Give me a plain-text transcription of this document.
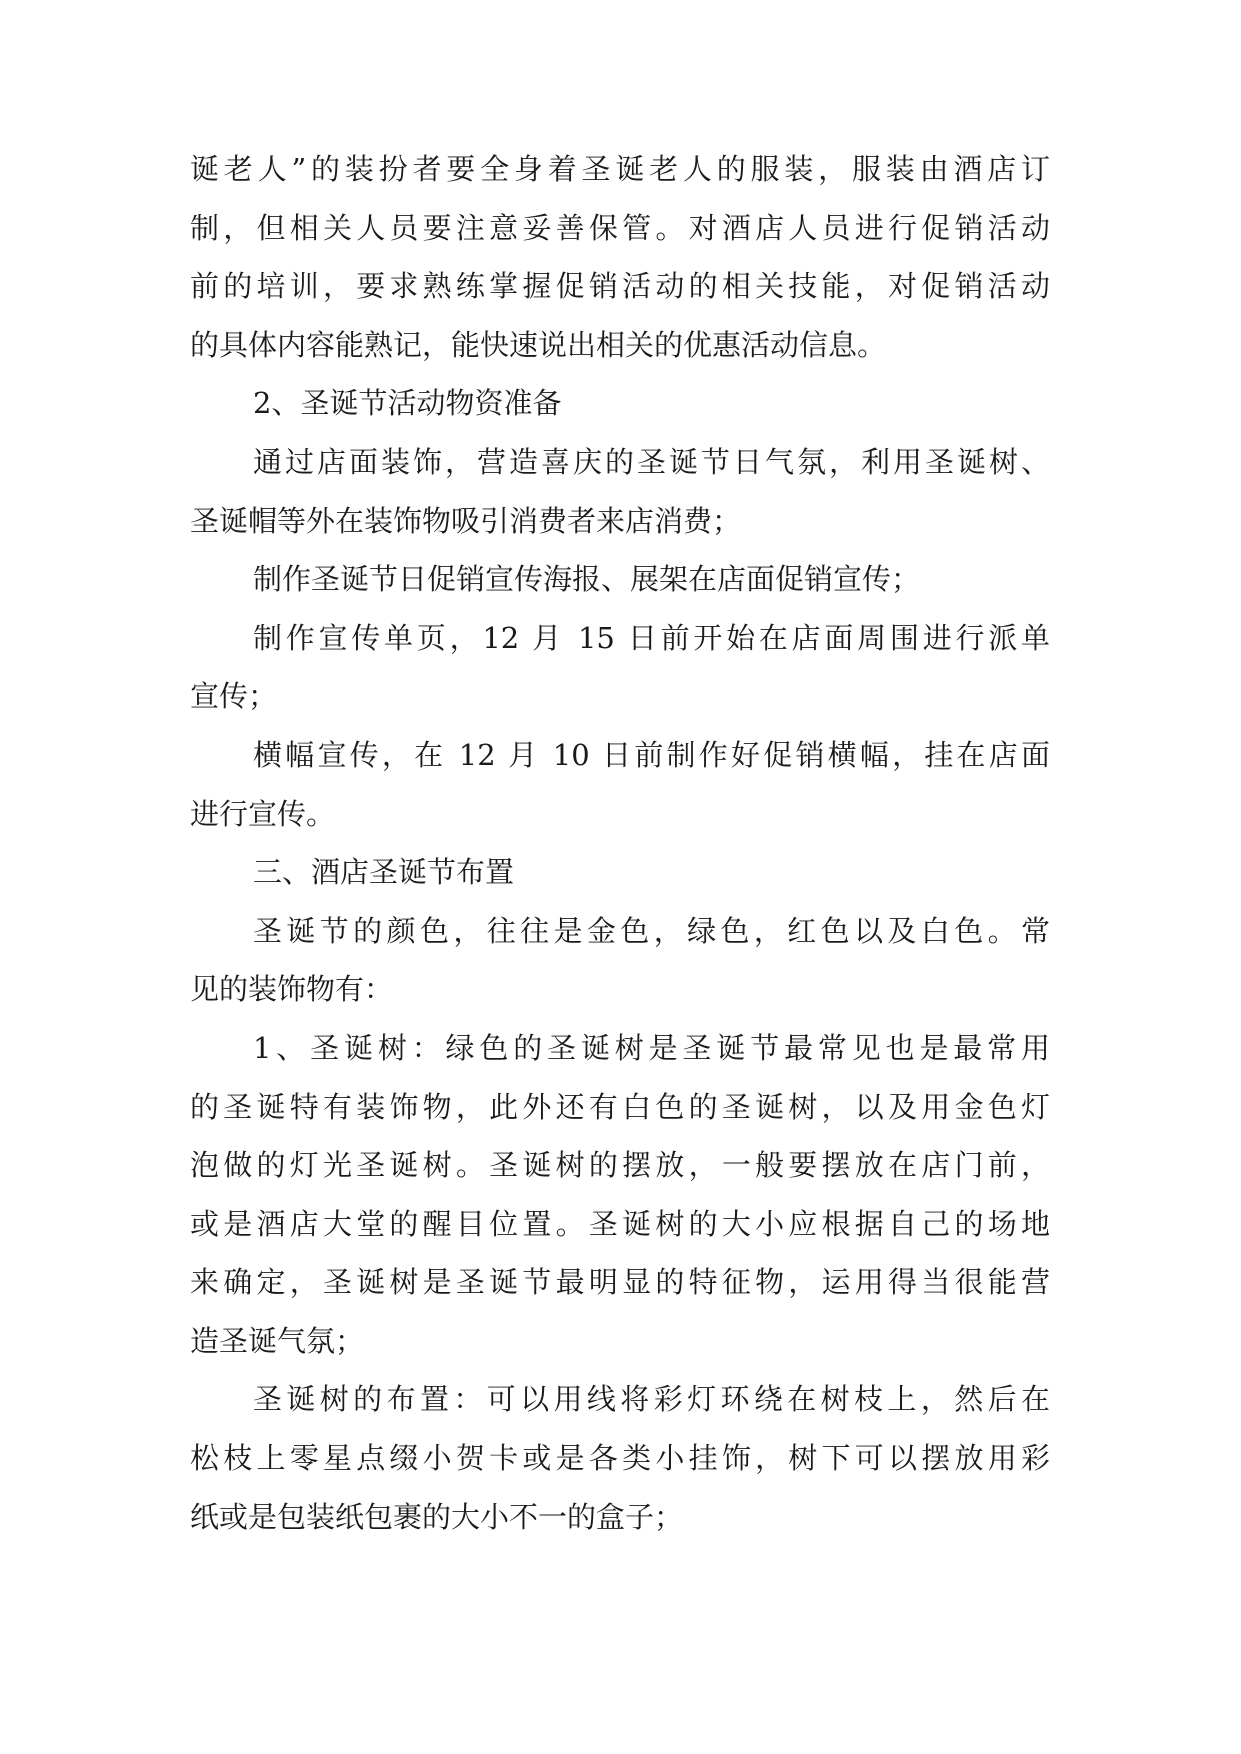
诞老人”的装扮者要全身着圣诞老人的服装，服装由酒店订
制，但相关人员要注意妥善保管。对酒店人员进行促销活动
前的培训，要求熟练掌握促销活动的相关技能，对促销活动
的具体内容能熟记，能快速说出相关的优惠活动信息。
2、圣诞节活动物资准备
通过店面装饰，营造喜庆的圣诞节日气氛，利用圣诞树、
圣诞帽等外在装饰物吸引消费者来店消费；
制作圣诞节日促销宣传海报、展架在店面促销宣传；
制作宣传单页，12 月 15 日前开始在店面周围进行派单
宣传；
横幅宣传，在 12 月 10 日前制作好促销横幅，挂在店面
进行宣传。
三、酒店圣诞节布置
圣诞节的颜色，往往是金色，绿色，红色以及白色。常
见的装饰物有：
1、圣诞树：绿色的圣诞树是圣诞节最常见也是最常用
的圣诞特有装饰物，此外还有白色的圣诞树，以及用金色灯
泡做的灯光圣诞树。圣诞树的摆放，一般要摆放在店门前，
或是酒店大堂的醒目位置。圣诞树的大小应根据自己的场地
来确定，圣诞树是圣诞节最明显的特征物，运用得当很能营
造圣诞气氛；
圣诞树的布置：可以用线将彩灯环绕在树枝上，然后在
松枝上零星点缀小贺卡或是各类小挂饰，树下可以摆放用彩
纸或是包装纸包裹的大小不一的盒子；
